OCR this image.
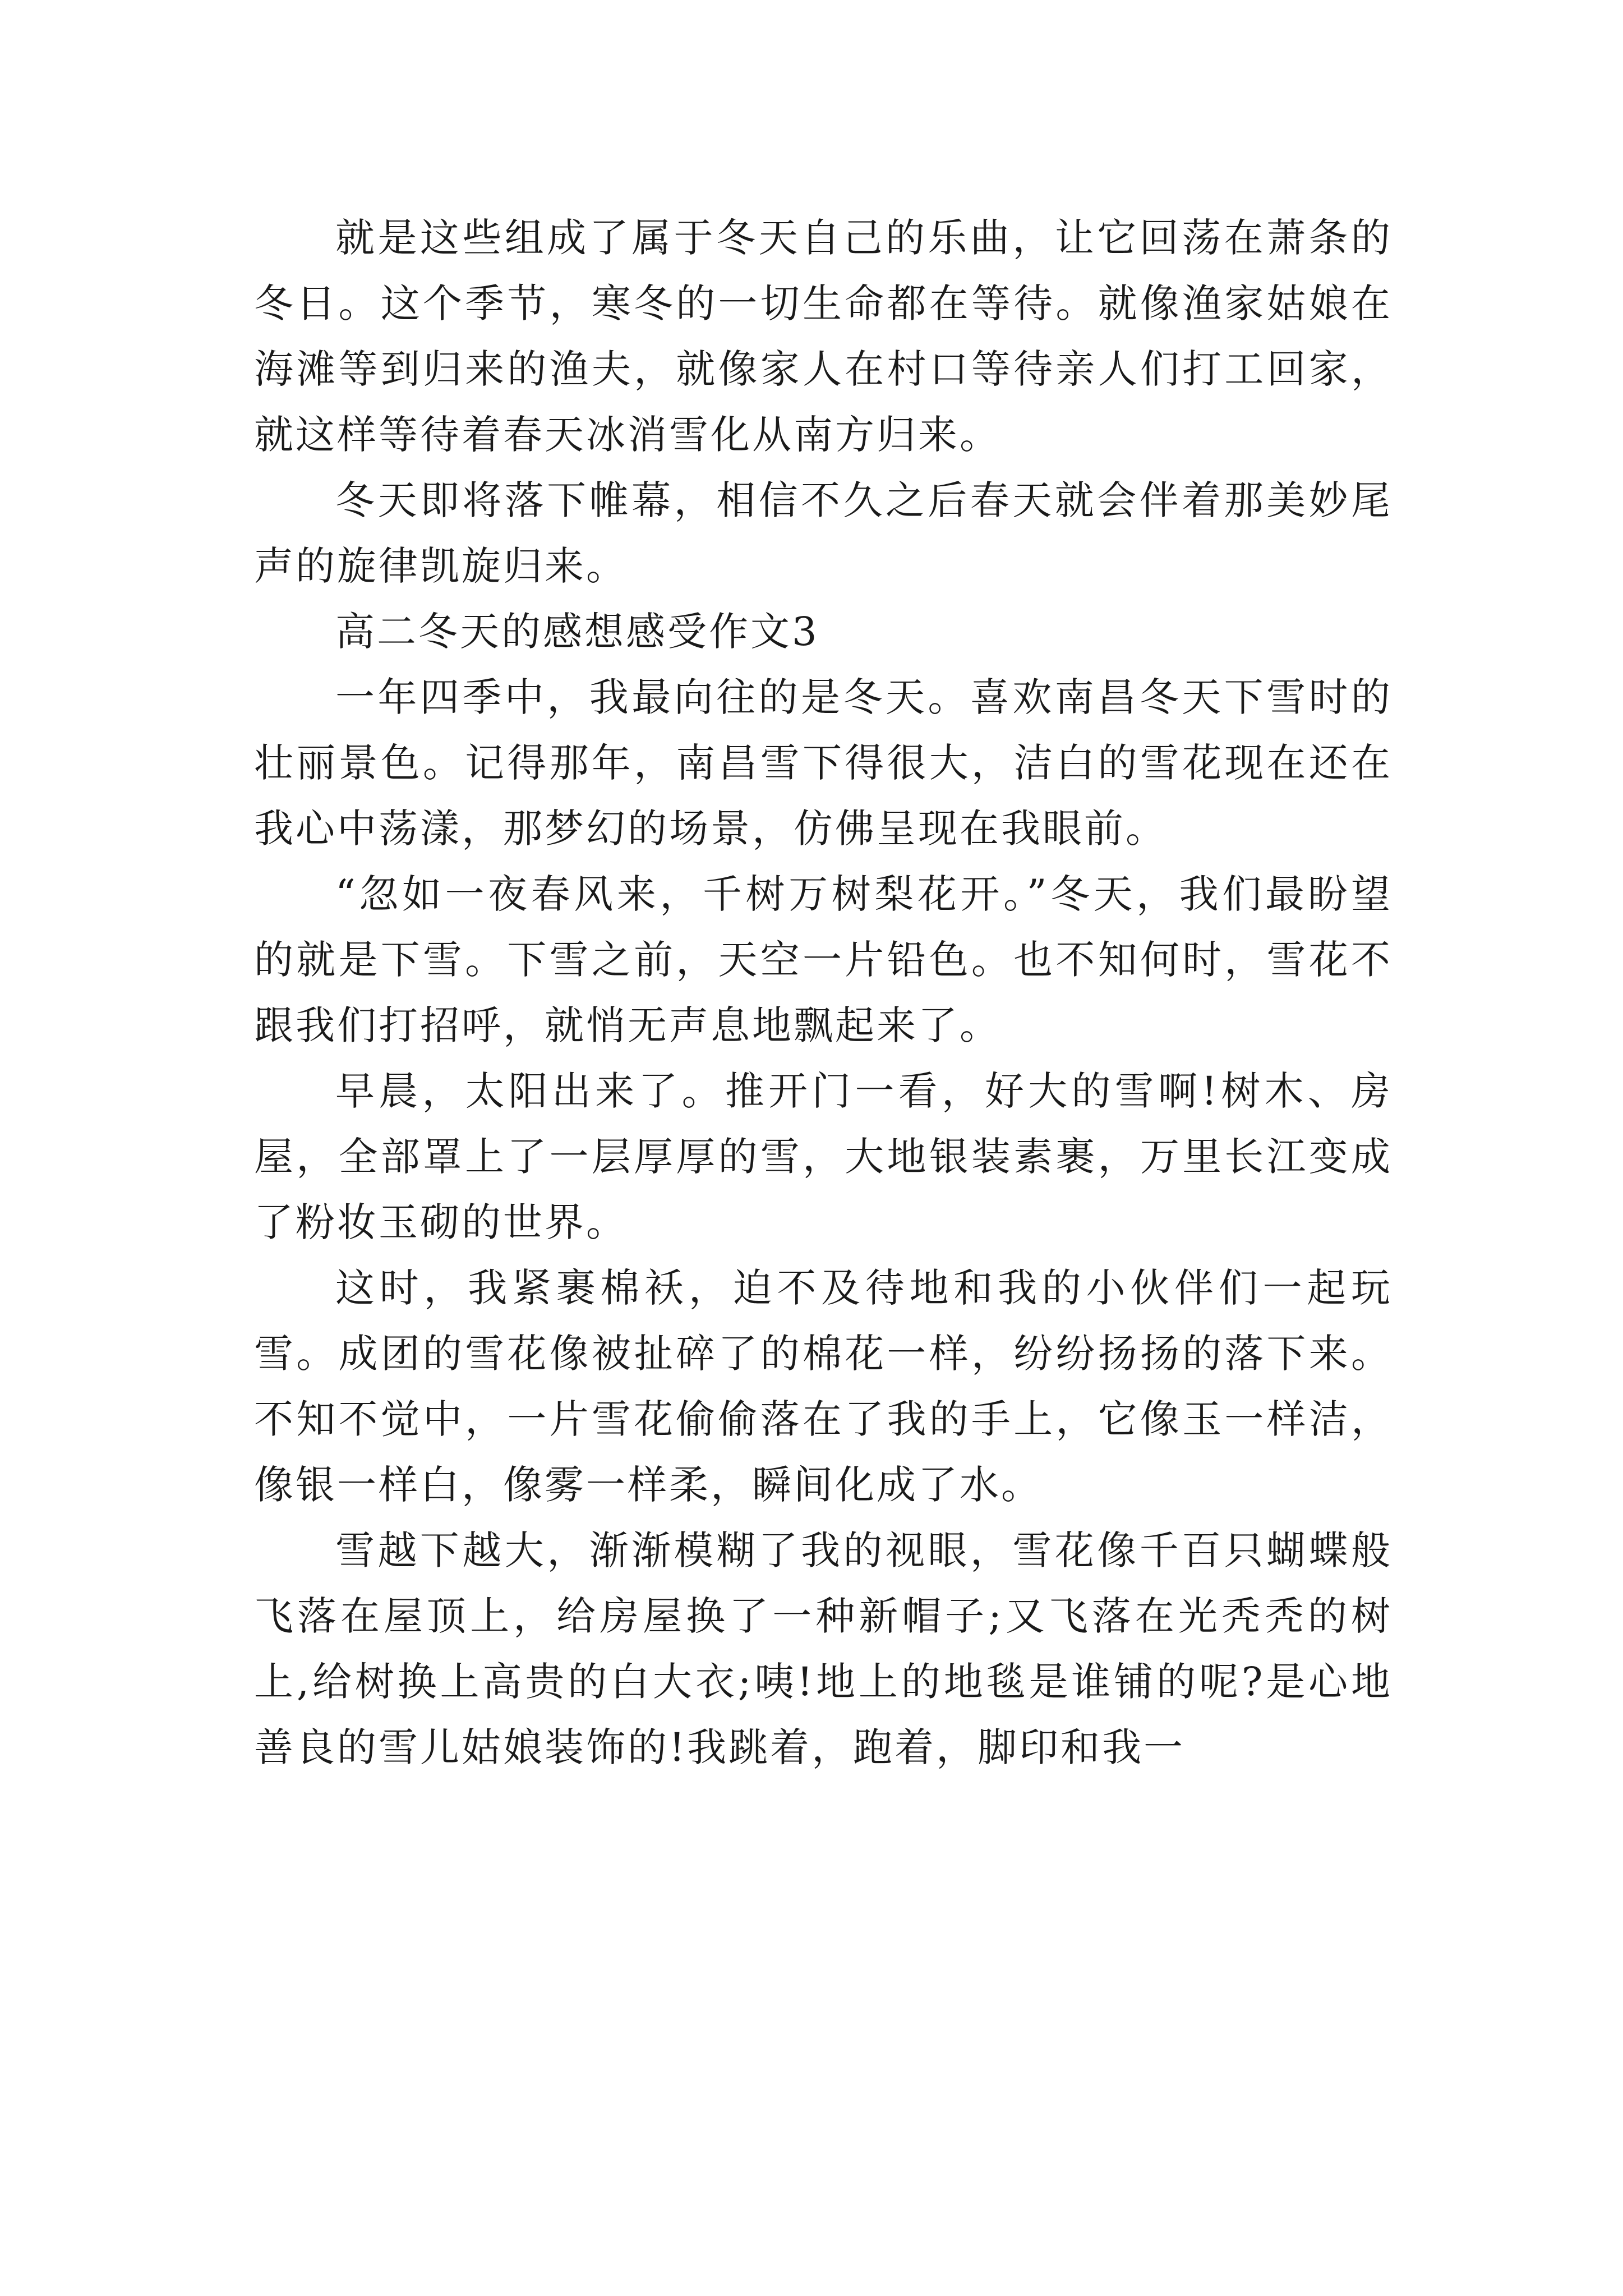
就是这些组成了属于冬天自己的乐曲，让它回荡在萧条的冬日。这个季节，寒冬的一切生命都在等待。就像渔家姑娘在海滩等到归来的渔夫，就像家人在村口等待亲人们打工回家，就这样等待着春天冰消雪化从南方归来。

冬天即将落下帷幕，相信不久之后春天就会伴着那美妙尾声的旋律凯旋归来。

高二冬天的感想感受作文3

一年四季中，我最向往的是冬天。喜欢南昌冬天下雪时的壮丽景色。记得那年，南昌雪下得很大，洁白的雪花现在还在我心中荡漾，那梦幻的场景，仿佛呈现在我眼前。

“忽如一夜春风来，千树万树梨花开。”冬天，我们最盼望的就是下雪。下雪之前，天空一片铅色。也不知何时，雪花不跟我们打招呼，就悄无声息地飘起来了。

早晨，太阳出来了。推开门一看，好大的雪啊!树木、房屋，全部罩上了一层厚厚的雪，大地银装素裹，万里长江变成了粉妆玉砌的世界。

这时，我紧裹棉袄，迫不及待地和我的小伙伴们一起玩雪。成团的雪花像被扯碎了的棉花一样，纷纷扬扬的落下来。不知不觉中，一片雪花偷偷落在了我的手上，它像玉一样洁，像银一样白，像雾一样柔，瞬间化成了水。

雪越下越大，渐渐模糊了我的视眼，雪花像千百只蝴蝶般飞落在屋顶上，给房屋换了一种新帽子;又飞落在光秃秃的树上,给树换上高贵的白大衣;咦!地上的地毯是谁铺的呢?是心地善良的雪儿姑娘装饰的!我跳着，跑着，脚印和我一
